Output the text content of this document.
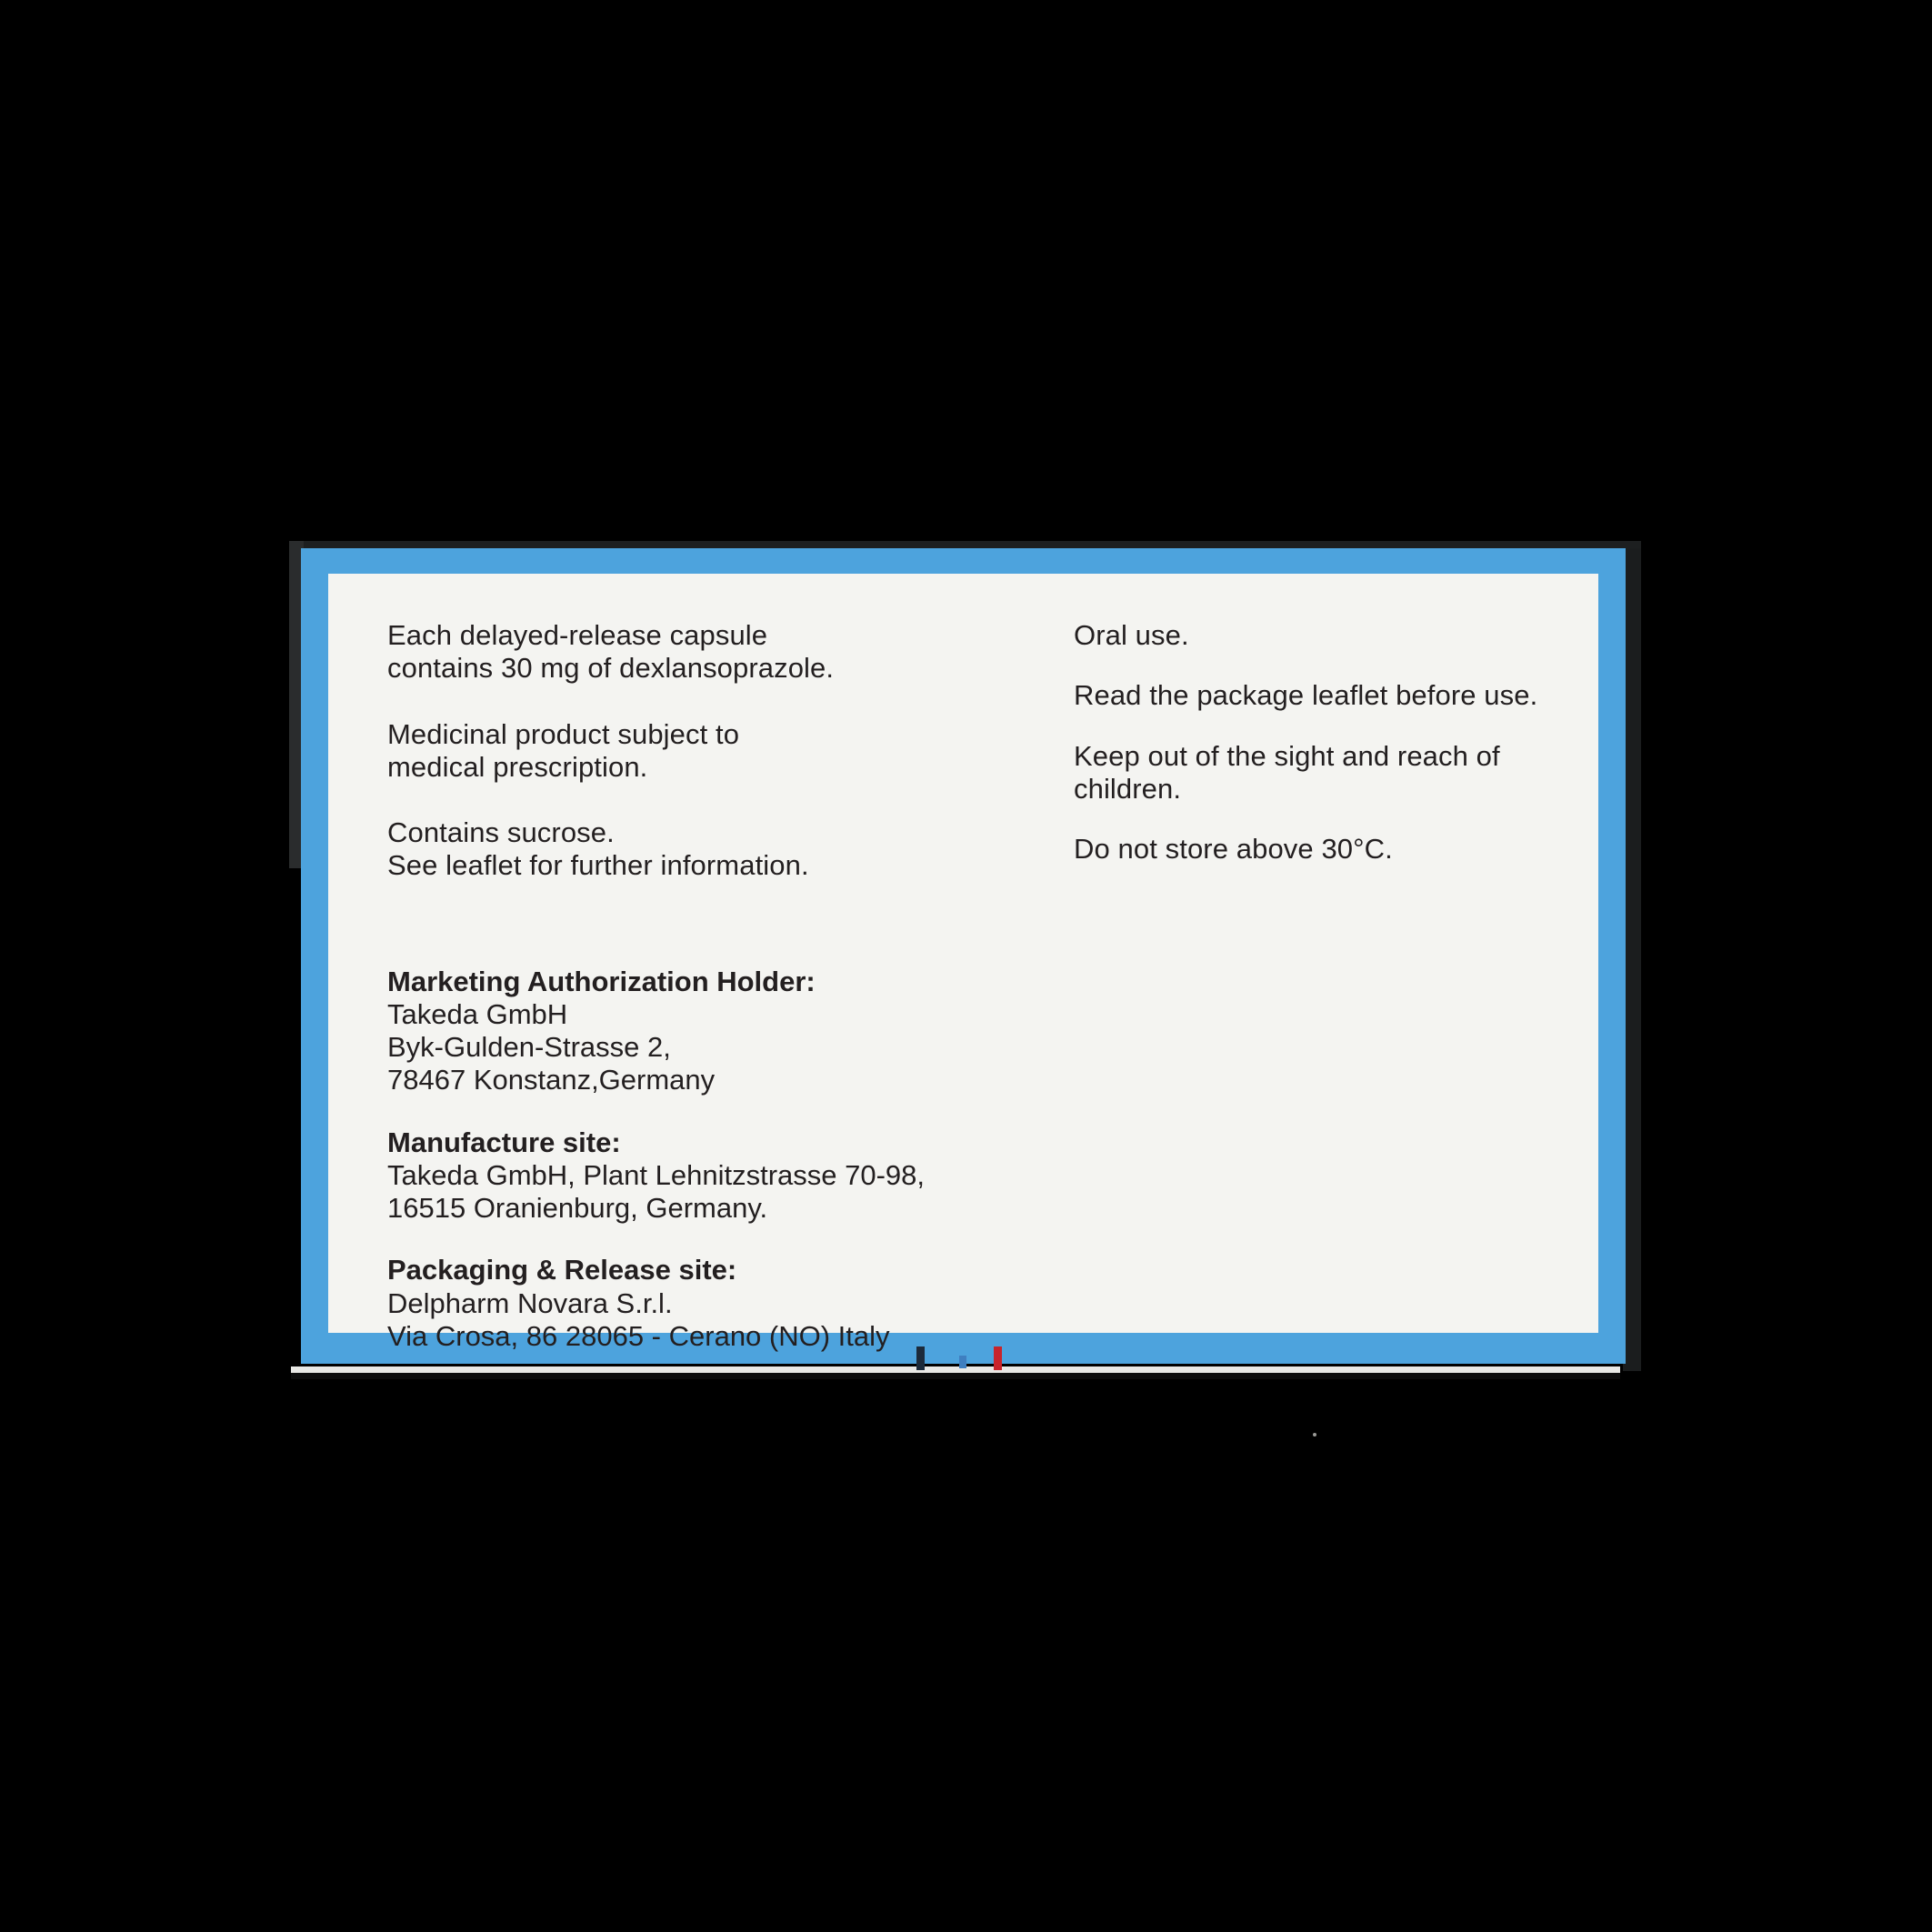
Each delayed-release capsule
contains 30 mg of dexlansoprazole.

Medicinal product subject to
medical prescription.

Contains sucrose.
See leaflet for further information.

Marketing Authorization Holder:
Takeda GmbH
Byk-Gulden-Strasse 2,
78467 Konstanz,Germany
Manufacture site:
Takeda GmbH, Plant Lehnitzstrasse 70-98,
16515 Oranienburg, Germany.
Packaging & Release site:
Delpharm Novara S.r.l.
Via Crosa, 86 28065 - Cerano (NO) Italy

Oral use.

Read the package leaflet before use.

Keep out of the sight and reach of
children.

Do not store above 30°C.
